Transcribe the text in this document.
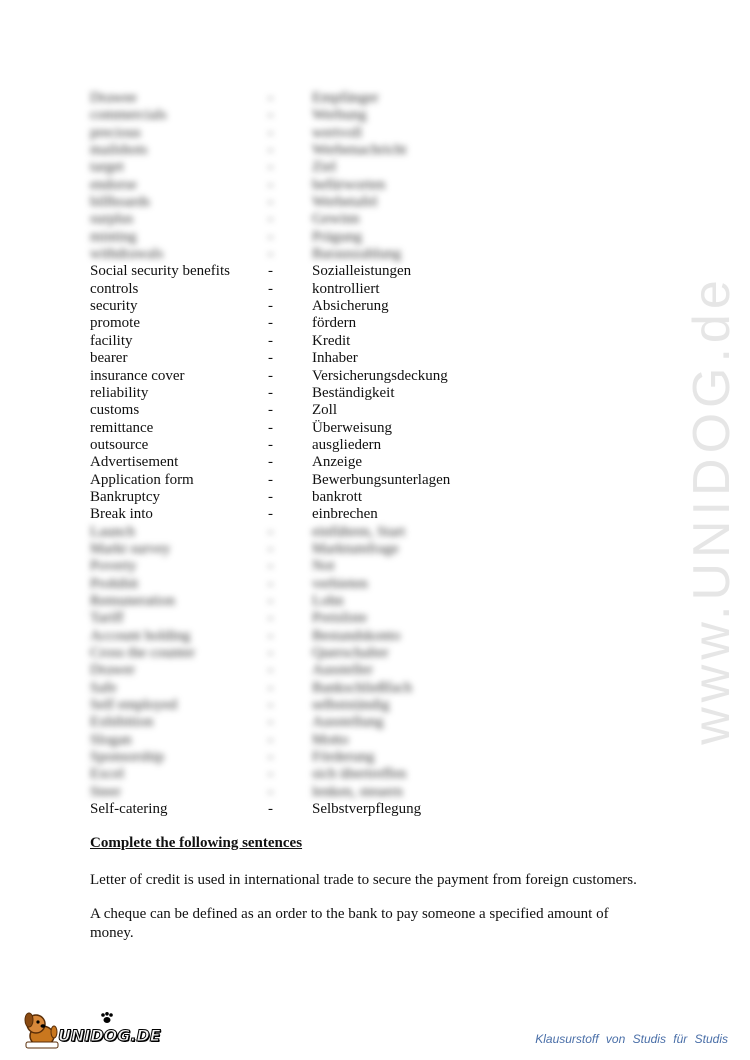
www.UNIDOG.de
Drawee	-	Empfänger
commercials	-	Werbung
precious	-	wertvoll
mailshots	-	Werbenachricht
target	-	Ziel
endorse	-	befürworten
billboards	-	Werbetafel
surplus	-	Gewinn
minting	-	Prägung
withdrawals	-	Barauszahlung
Social security benefits	-	Sozialleistungen
controls	-	kontrolliert
security	-	Absicherung
promote	-	fördern
facility	-	Kredit
bearer	-	Inhaber
insurance cover	-	Versicherungsdeckung
reliability	-	Beständigkeit
customs	-	Zoll
remittance	-	Überweisung
outsource	-	ausgliedern
Advertisement	-	Anzeige
Application form	-	Bewerbungsunterlagen
Bankruptcy	-	bankrott
Break into	-	einbrechen
Launch	-	einführen, Start
Markt survey	-	Marktumfrage
Poverty	-	Not
Prohibit	-	verbieten
Remuneration	-	Lohn
Tariff	-	Preisliste
Account holding	-	Bestandskonto
Cross the counter	-	Querschalter
Drawer	-	Aussteller
Safe	-	Bankschließfach
Self employed	-	selbstständig
Exhibition	-	Ausstellung
Slogan	-	Motto
Sponsorship	-	Förderung
Excel	-	sich übertreffen
Steer	-	lenken, steuern
Self-catering	-	Selbstverpflegung
Complete the following sentences
Letter of credit is used in international trade to secure the payment from foreign customers.
A cheque can be defined as an order to the bank to pay someone a specified amount of money.
UNIDOG.DE	Klausurstoff von Studis für Studis
